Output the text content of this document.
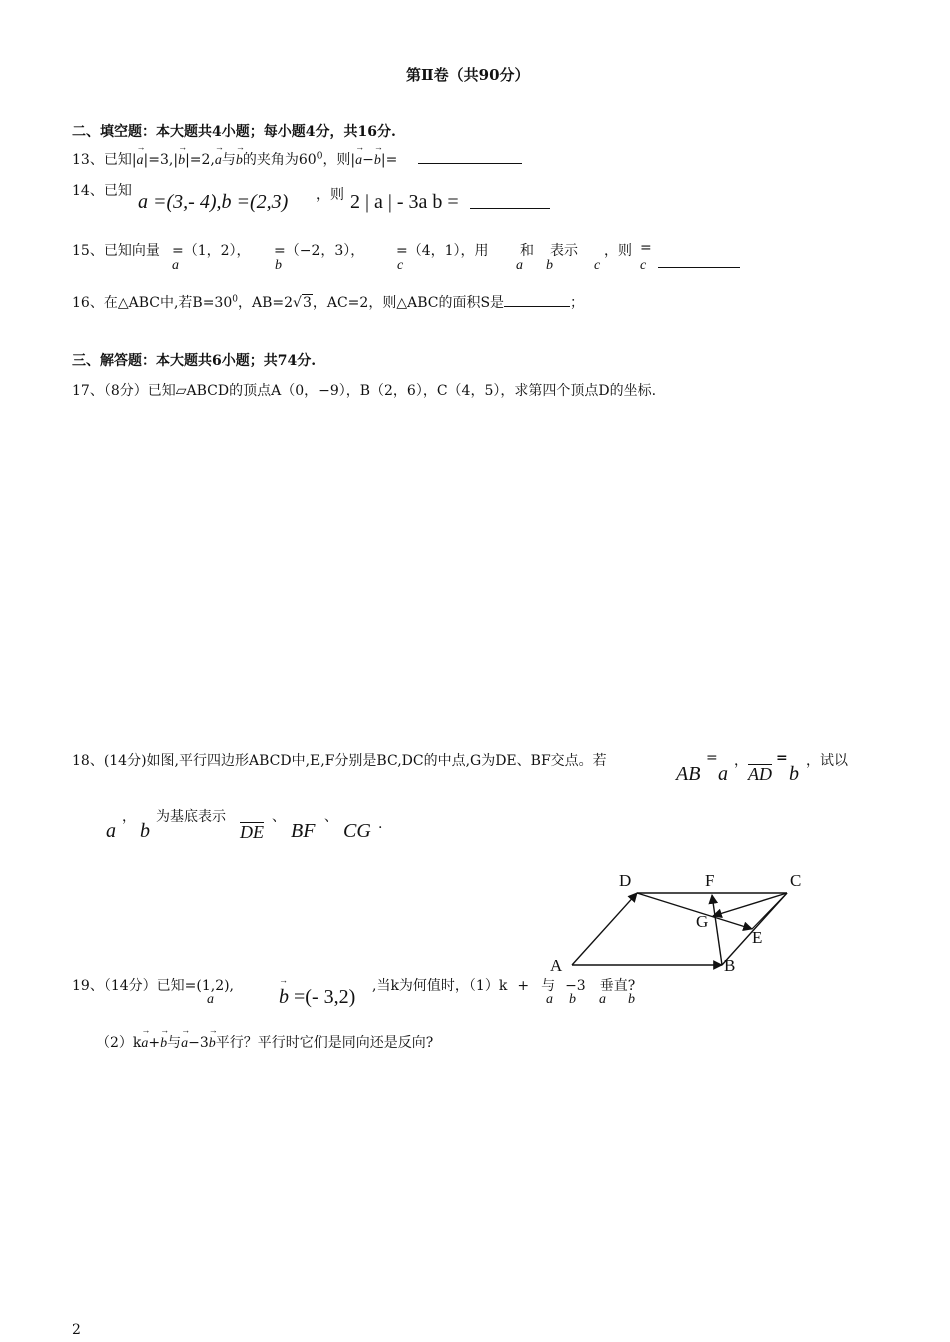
第Ⅱ卷（共90分）
二、填空题：本大题共4小题；每小题4分，共16分.
13、已知|→ a|=3,|→ b|=2,→ a与→ b的夹角为$60^0$，则|→ a−→ b|=
14、已知 a =(3,- 4),b =(2,3) ，则 2 | a | - 3a b =
15、已知向量 =（1，2）， =（−2，3）， =（4，1），用 和 表示 ，则 =
a	b	c	a b	c	c
16、在△ABC中,若$B=30^0$，AB=2√3，AC=2，则△ABC的面积S是	；
三、解答题：本大题共6小题；共74分.
17、（8分）已知▱ABCD的顶点A（0，−9），B（2，6），C（4，5），求第四个顶点D的坐标.
18、(14分)如图,平行四边形ABCD中,E,F分别是BC,DC的中点,G为DE、BF交点。若	= ， = ，试以
AB a AD b
a
，
b
为基底表示
DE
、
BF
、
CG .
A	B
C
D
E
F
G
19、（14分）已知=(1,2),
a
→	b =(- 3,2) ,当k为何值时，（1）k + 与 −3 垂直?
a b a b
（2）k→ a+→ b与→ a−3→ b平行？平行时它们是同向还是反向?
2
